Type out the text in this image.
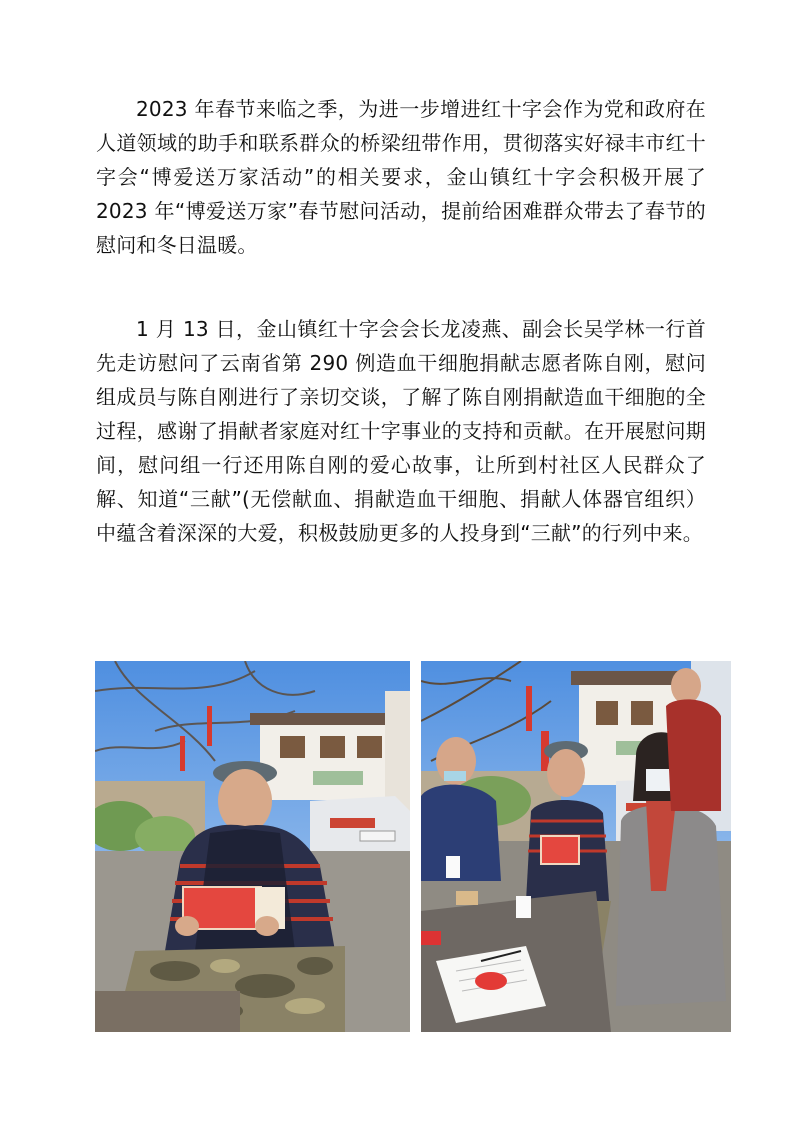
2023 年春节来临之季，为进一步增进红十字会作为党和政府在人道领域的助手和联系群众的桥梁纽带作用，贯彻落实好禄丰市红十字会“博爱送万家活动”的相关要求，金山镇红十字会积极开展了 2023 年“博爱送万家”春节慰问活动，提前给困难群众带去了春节的慰问和冬日温暖。

1 月 13 日，金山镇红十字会会长龙凌燕、副会长吴学林一行首先走访慰问了云南省第 290 例造血干细胞捐献志愿者陈自刚，慰问组成员与陈自刚进行了亲切交谈，了解了陈自刚捐献造血干细胞的全过程，感谢了捐献者家庭对红十字事业的支持和贡献。在开展慰问期间，慰问组一行还用陈自刚的爱心故事，让所到村社区人民群众了解、知道“三献”(无偿献血、捐献造血干细胞、捐献人体器官组织）中蕴含着深深的大爱，积极鼓励更多的人投身到“三献”的行列中来。
